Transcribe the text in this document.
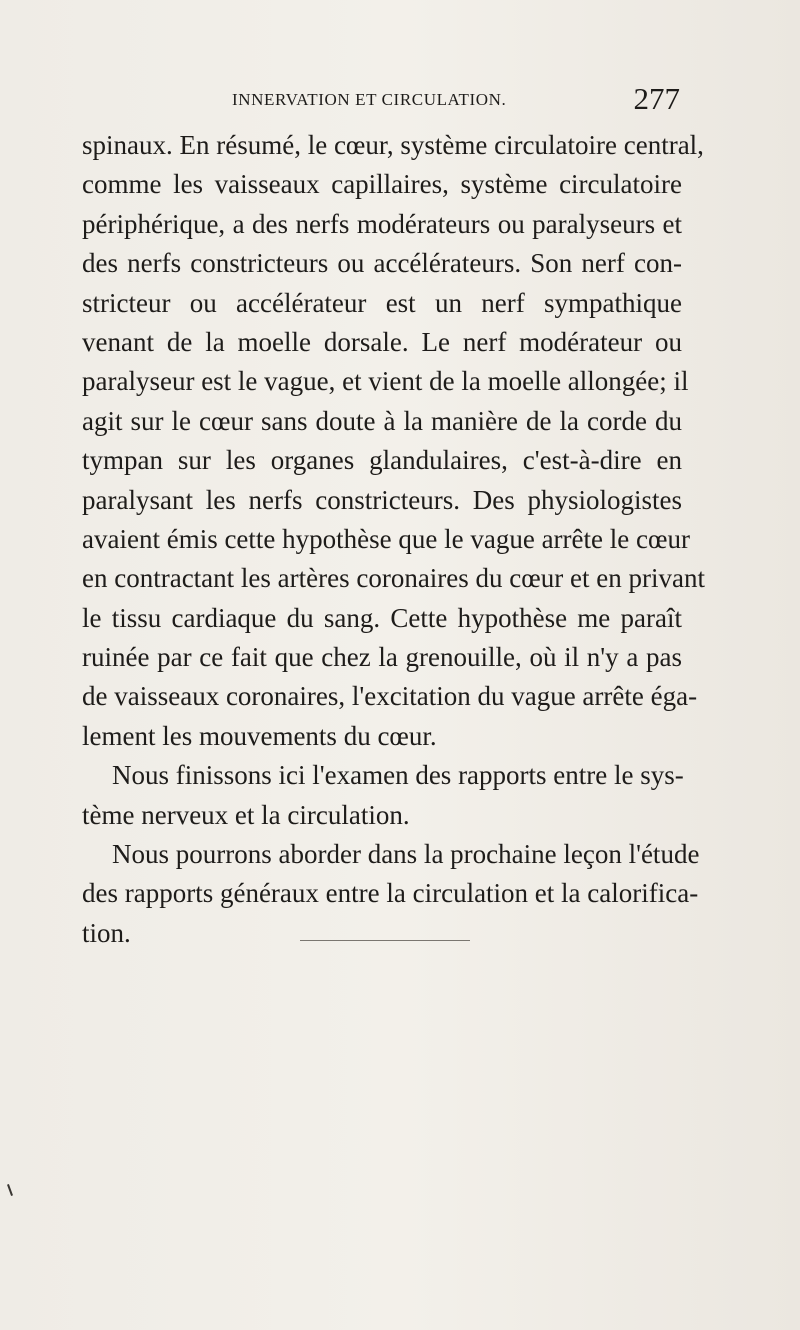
INNERVATION ET CIRCULATION.	277
spinaux. En résumé, le cœur, système circulatoire central,
comme les vaisseaux capillaires, système circulatoire
périphérique, a des nerfs modérateurs ou paralyseurs et
des nerfs constricteurs ou accélérateurs. Son nerf con-
stricteur ou accélérateur est un nerf sympathique
venant de la moelle dorsale. Le nerf modérateur ou
paralyseur est le vague, et vient de la moelle allongée; il
agit sur le cœur sans doute à la manière de la corde du
tympan sur les organes glandulaires, c'est-à-dire en
paralysant les nerfs constricteurs. Des physiologistes
avaient émis cette hypothèse que le vague arrête le cœur
en contractant les artères coronaires du cœur et en privant
le tissu cardiaque du sang. Cette hypothèse me paraît
ruinée par ce fait que chez la grenouille, où il n'y a pas
de vaisseaux coronaires, l'excitation du vague arrête éga-
lement les mouvements du cœur.
Nous finissons ici l'examen des rapports entre le sys-
tème nerveux et la circulation.
Nous pourrons aborder dans la prochaine leçon l'étude
des rapports généraux entre la circulation et la calorifica-
tion.
